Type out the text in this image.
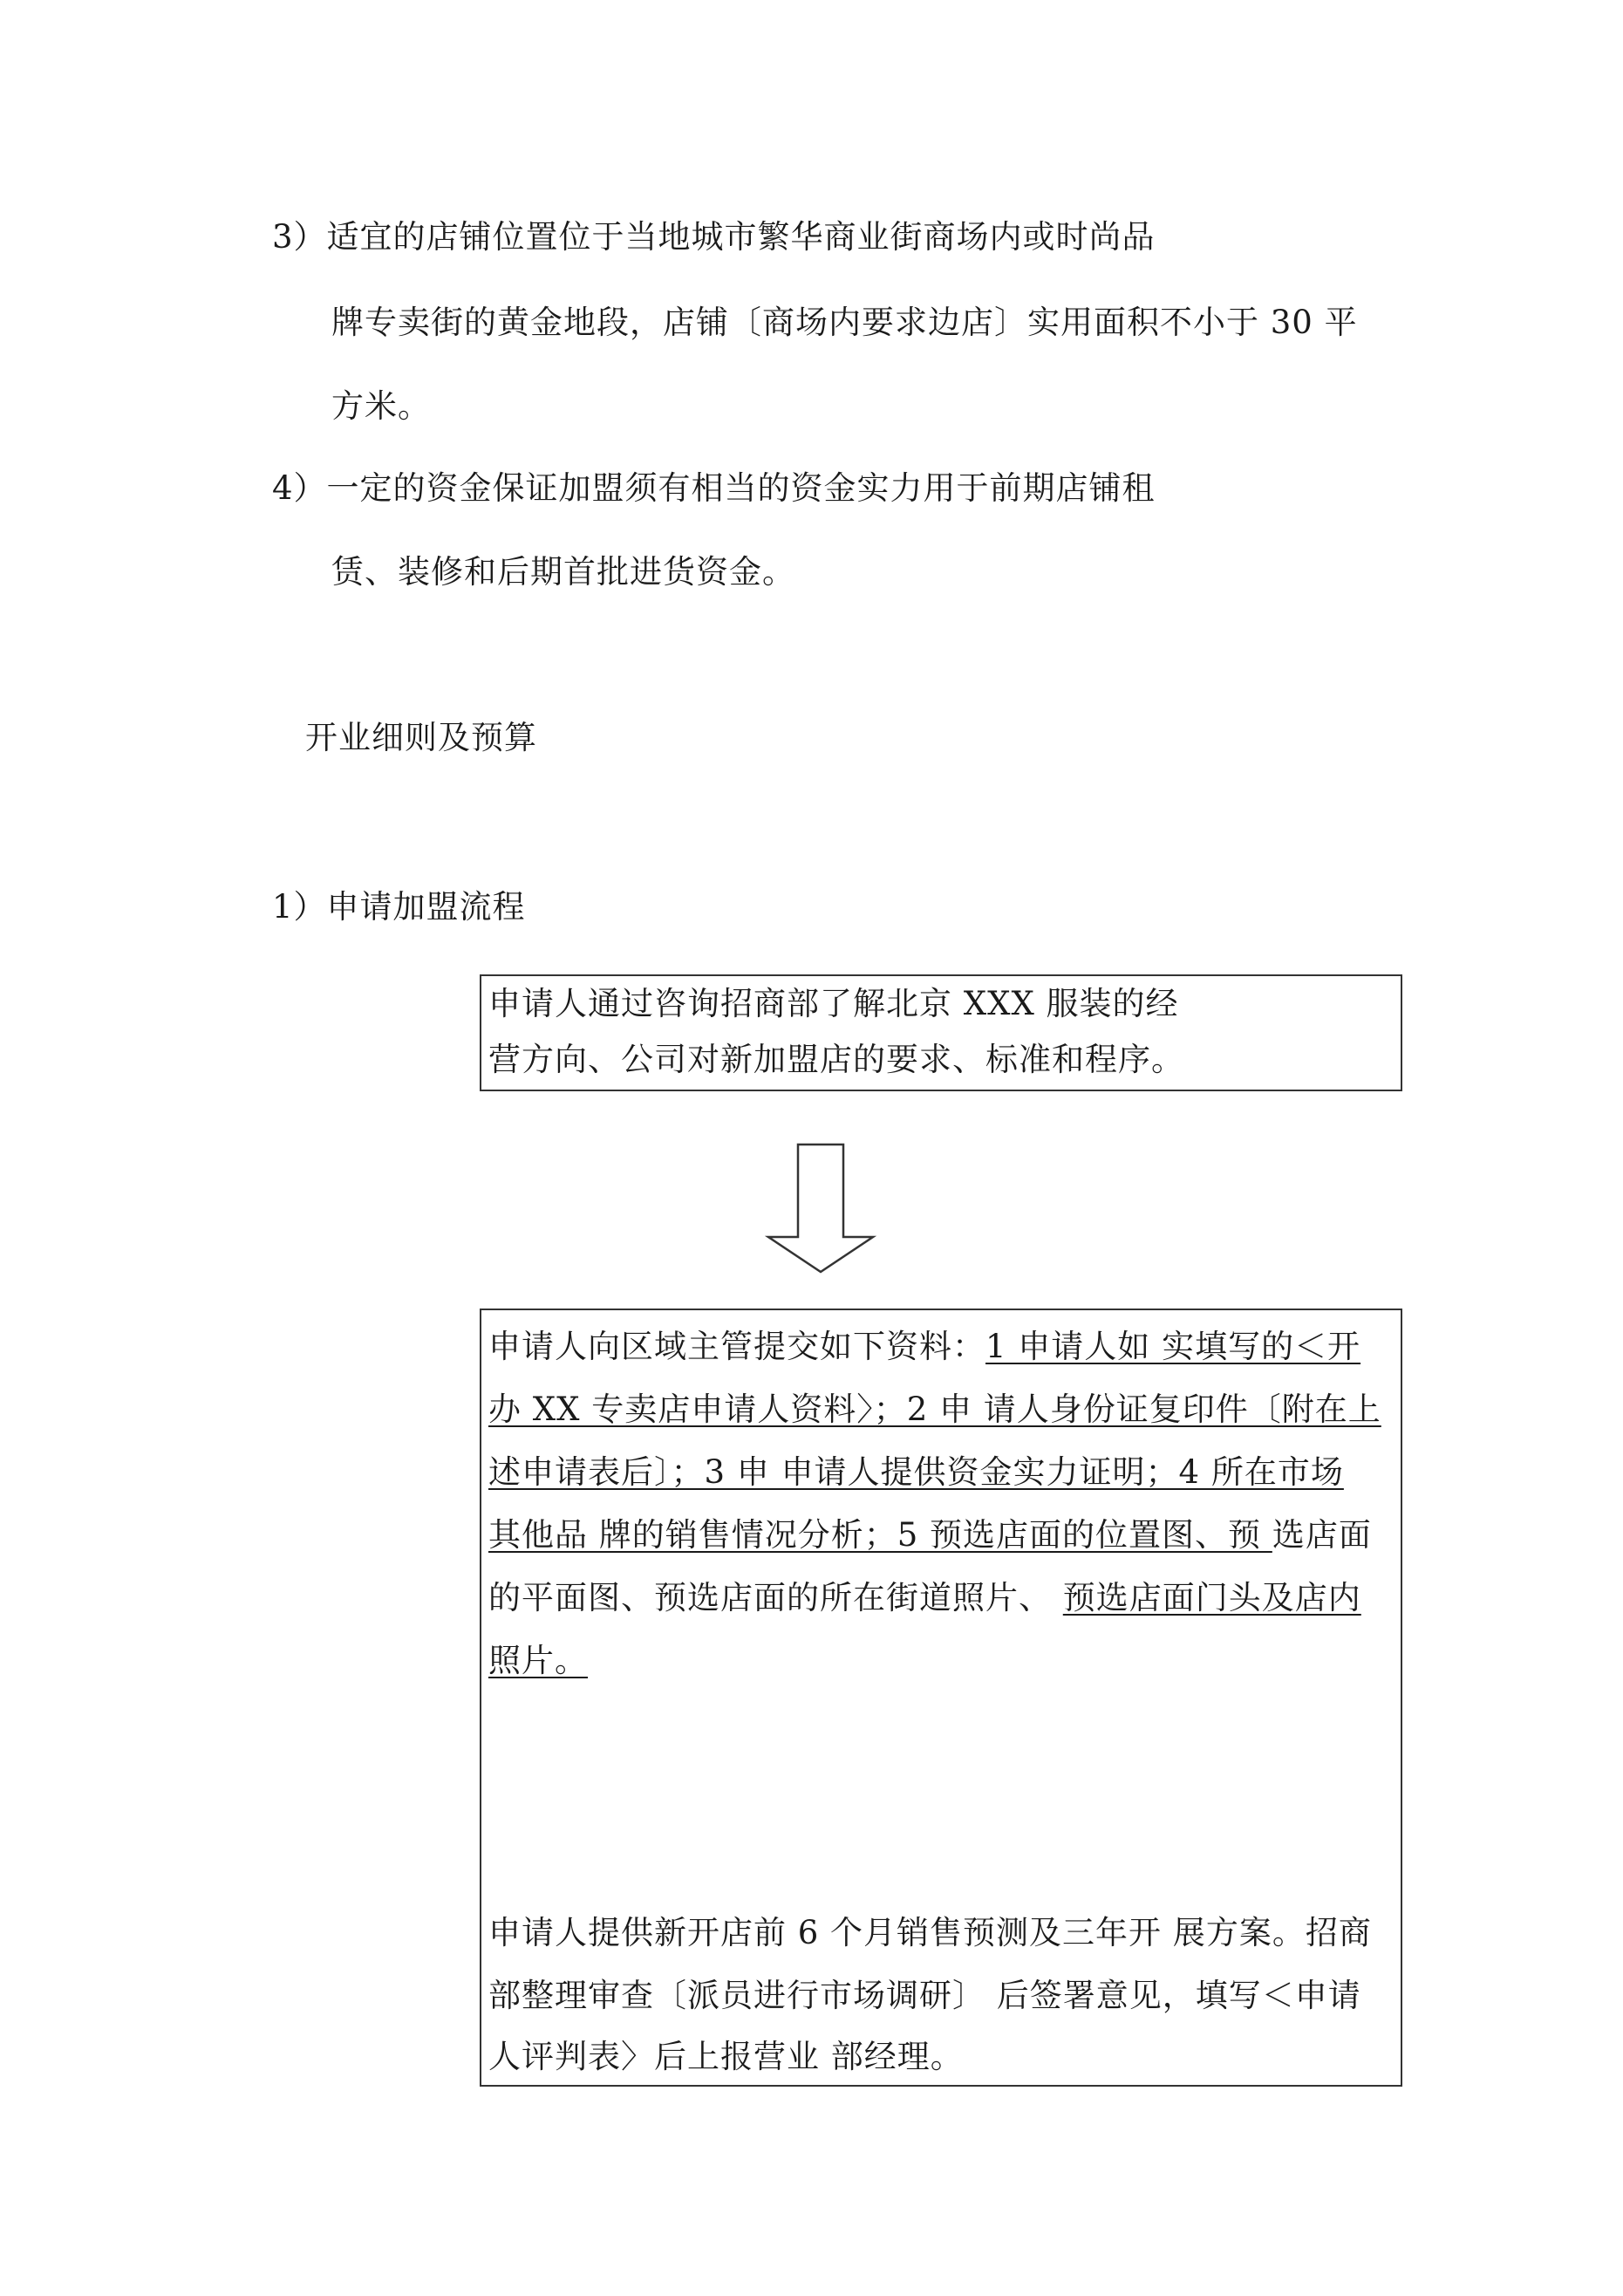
3）适宜的店铺位置位于当地城市繁华商业街商场内或时尚品
牌专卖街的黄金地段，店铺〔商场内要求边店〕实用面积不小于 30 平
方米。
4）一定的资金保证加盟须有相当的资金实力用于前期店铺租
赁、装修和后期首批进货资金。
开业细则及预算
1）申请加盟流程
申请人通过咨询招商部了解北京 XXX 服装的经
营方向、公司对新加盟店的要求、标准和程序。
申请人向区域主管提交如下资料：1 申请人如 实填写的＜开
办 XX 专卖店申请人资料〉；2 申 请人身份证复印件〔附在上
述申请表后〕；3 申 申请人提供资金实力证明；4 所在市场
其他品 牌的销售情况分析；5 预选店面的位置图、预 选店面
的平面图、预选店面的所在街道照片、 预选店面门头及店内
照片。
申请人提供新开店前 6 个月销售预测及三年开 展方案。招商
部整理审查〔派员进行市场调研〕 后签署意见，填写＜申请
人评判表〉后上报营业 部经理。
